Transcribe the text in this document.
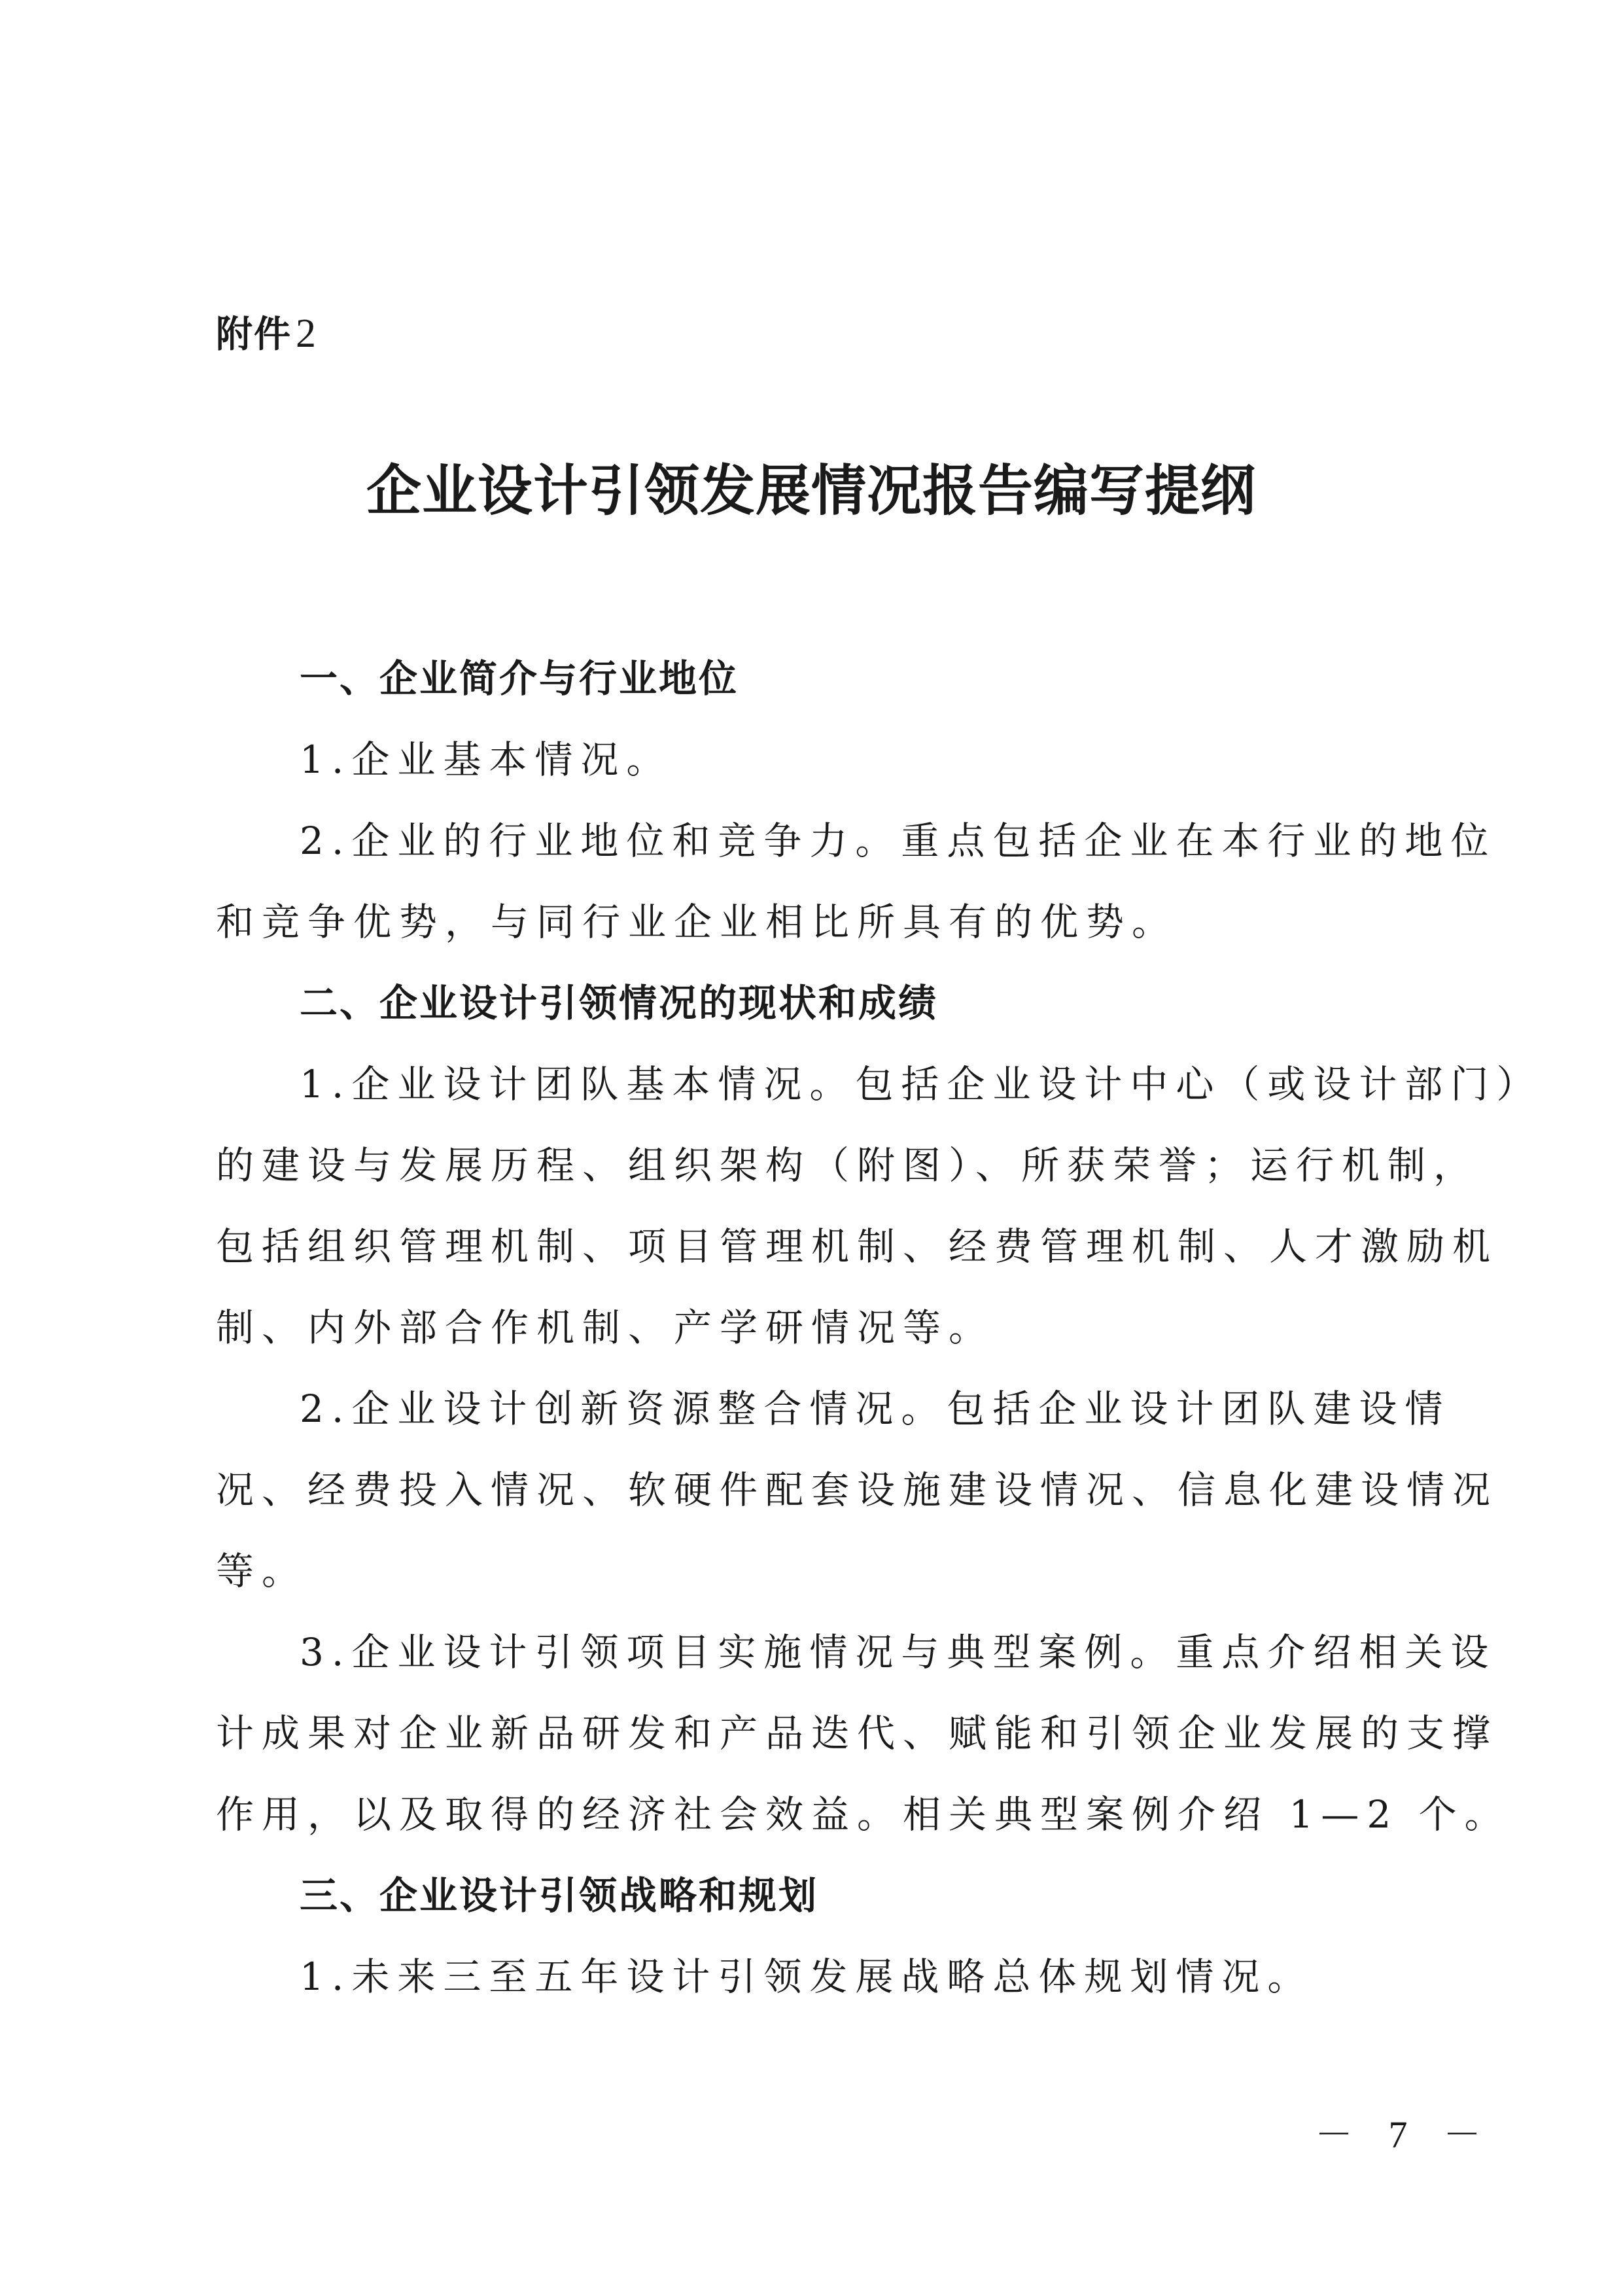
附件2
企业设计引领发展情况报告编写提纲
一、企业简介与行业地位
1.企业基本情况。
2.企业的行业地位和竞争力。重点包括企业在本行业的地位
和竞争优势，与同行业企业相比所具有的优势。
二、企业设计引领情况的现状和成绩
1.企业设计团队基本情况。包括企业设计中心（或设计部门）
的建设与发展历程、组织架构（附图）、所获荣誉；运行机制，
包括组织管理机制、项目管理机制、经费管理机制、人才激励机
制、内外部合作机制、产学研情况等。
2.企业设计创新资源整合情况。包括企业设计团队建设情
况、经费投入情况、软硬件配套设施建设情况、信息化建设情况
等。
3.企业设计引领项目实施情况与典型案例。重点介绍相关设
计成果对企业新品研发和产品迭代、赋能和引领企业发展的支撑
作用，以及取得的经济社会效益。相关典型案例介绍 1—2 个。
三、企业设计引领战略和规划
1.未来三至五年设计引领发展战略总体规划情况。
－ 7 －
